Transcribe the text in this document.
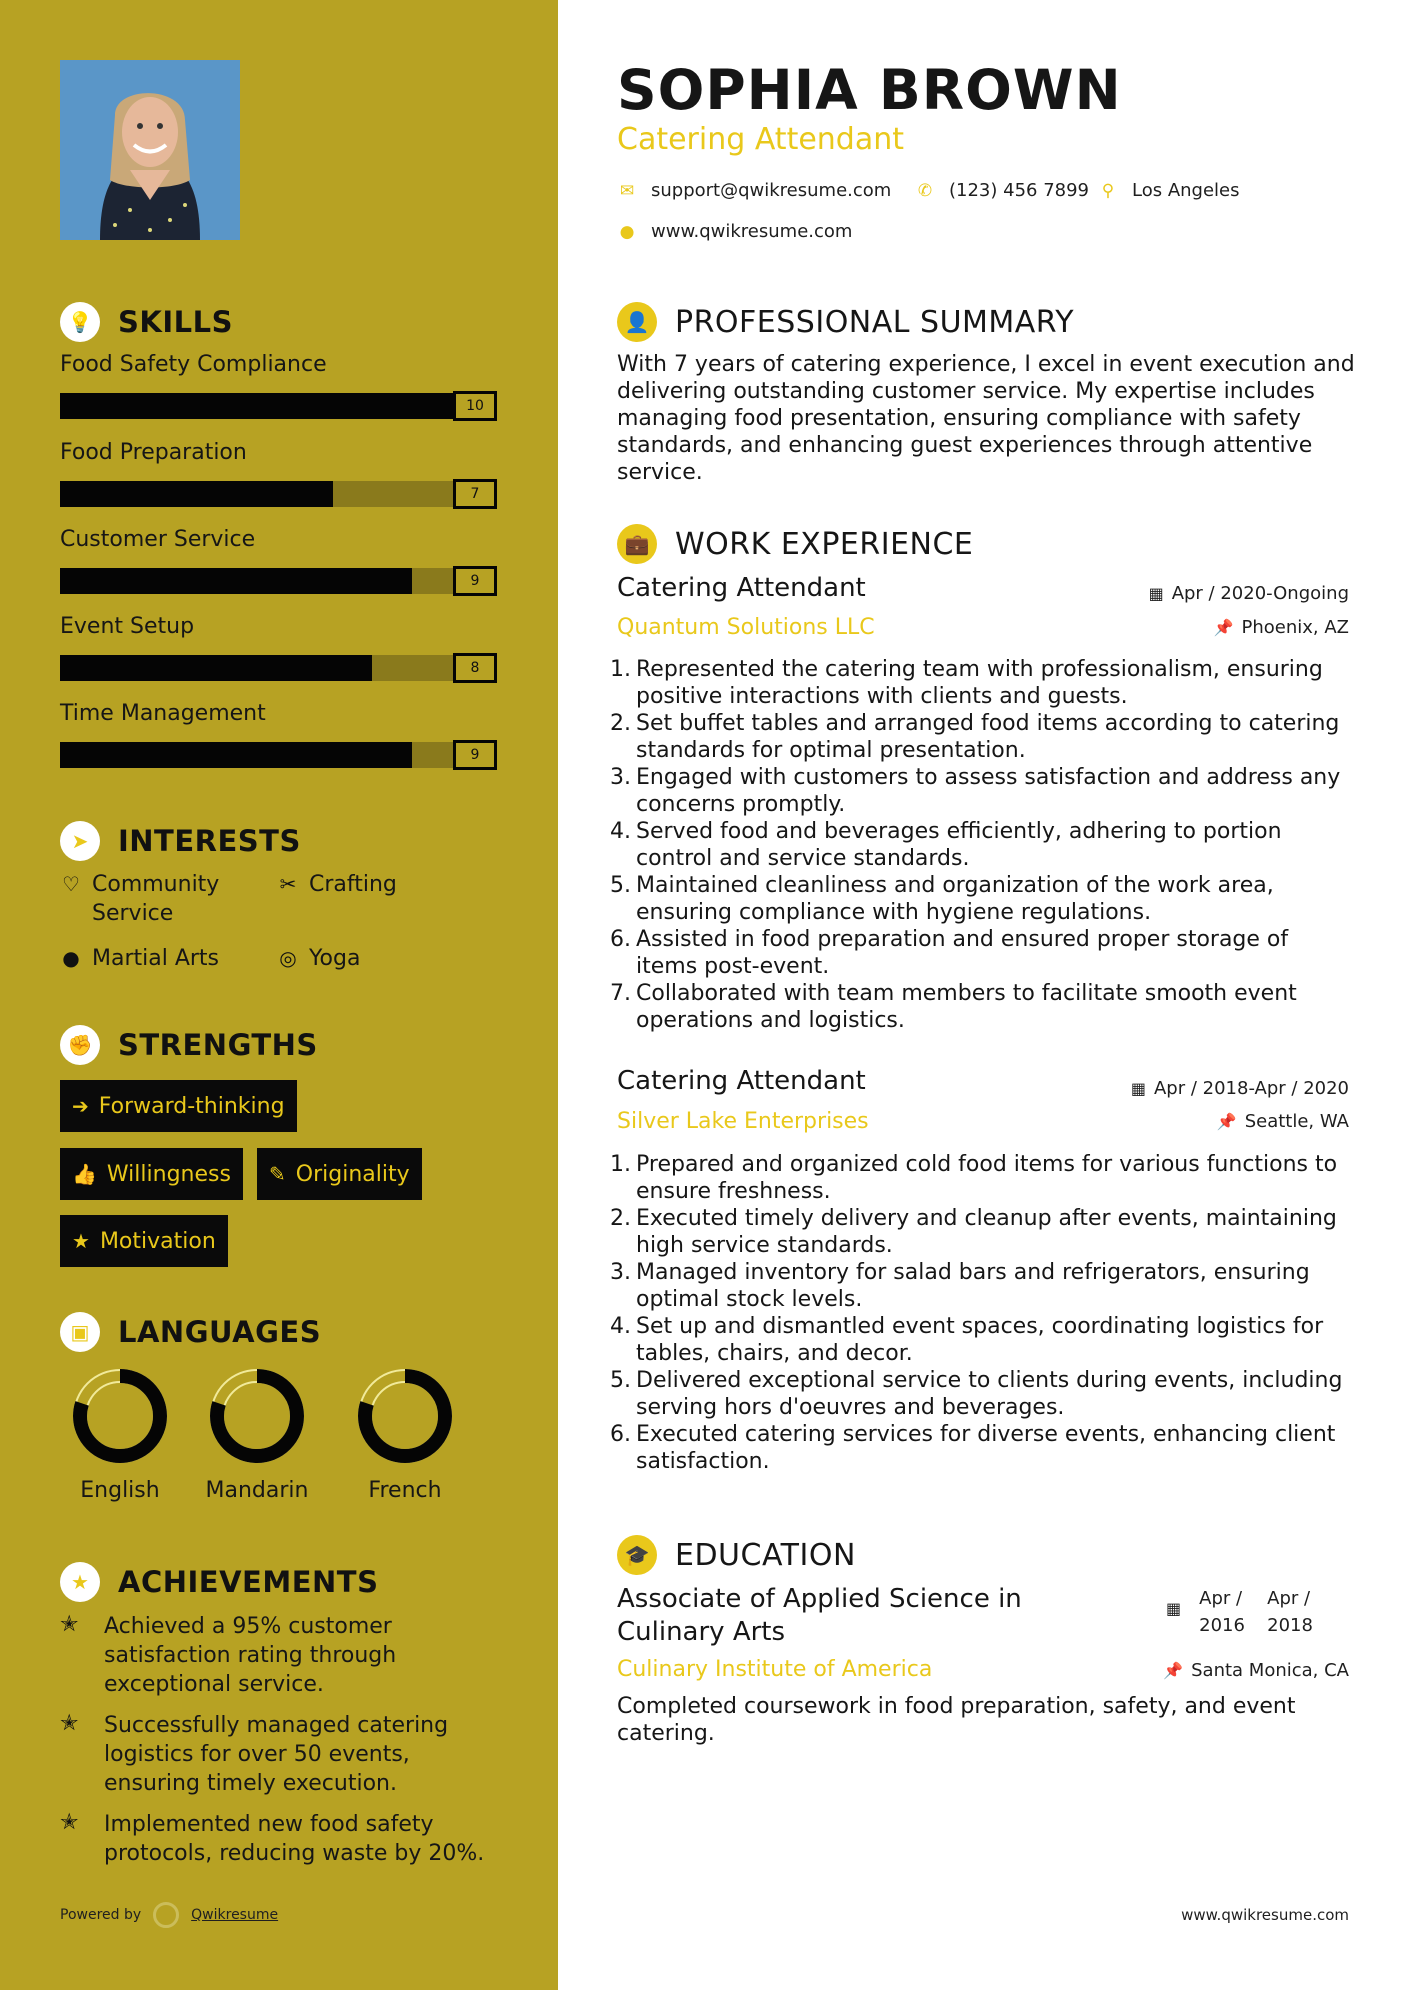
💡 SKILLS
Food Safety Compliance
10
Food Preparation
7
Customer Service
9
Event Setup
8
Time Management
9
➤	INTERESTS
♡ Community Service
✂ Crafting
● Martial Arts	◎ Yoga
✊ STRENGTHS
➔ Forward-thinking
👍 Willingness ✎ Originality
★ Motivation
▣ LANGUAGES
English	Mandarin	French
★	ACHIEVEMENTS
✭	Achieved a 95% customer satisfaction rating through exceptional service.
✭	Successfully managed catering logistics for over 50 events, ensuring timely execution.
✭	Implemented new food safety protocols, reducing waste by 20%.
Powered by	Qwikresume
SOPHIA BROWN
Catering Attendant
✉ support@qwikresume.com ✆ (123) 456 7899 ⚲ Los Angeles
● www.qwikresume.com
👤 PROFESSIONAL SUMMARY
With 7 years of catering experience, I excel in event execution and delivering outstanding customer service. My expertise includes managing food presentation, ensuring compliance with safety standards, and enhancing guest experiences through attentive service.
💼 WORK EXPERIENCE
Catering Attendant	▦ Apr / 2020-Ongoing
Quantum Solutions LLC	📌 Phoenix, AZ
1. Represented the catering team with professionalism, ensuring positive interactions with clients and guests.
2. Set buffet tables and arranged food items according to catering standards for optimal presentation.
3. Engaged with customers to assess satisfaction and address any concerns promptly.
4. Served food and beverages efficiently, adhering to portion control and service standards.
5. Maintained cleanliness and organization of the work area, ensuring compliance with hygiene regulations.
6. Assisted in food preparation and ensured proper storage of items post-event.
7. Collaborated with team members to facilitate smooth event operations and logistics.
Catering Attendant	▦ Apr / 2018-Apr / 2020
Silver Lake Enterprises	📌 Seattle, WA
1. Prepared and organized cold food items for various functions to ensure freshness.
2. Executed timely delivery and cleanup after events, maintaining high service standards.
3. Managed inventory for salad bars and refrigerators, ensuring optimal stock levels.
4. Set up and dismantled event spaces, coordinating logistics for tables, chairs, and decor.
5. Delivered exceptional service to clients during events, including serving hors d'oeuvres and beverages.
6. Executed catering services for diverse events, enhancing client satisfaction.
🎓 EDUCATION
Associate of Applied Science in Culinary Arts
▦ Apr / 2016
Apr / 2018
Culinary Institute of America	📌 Santa Monica, CA
Completed coursework in food preparation, safety, and event catering.
www.qwikresume.com
